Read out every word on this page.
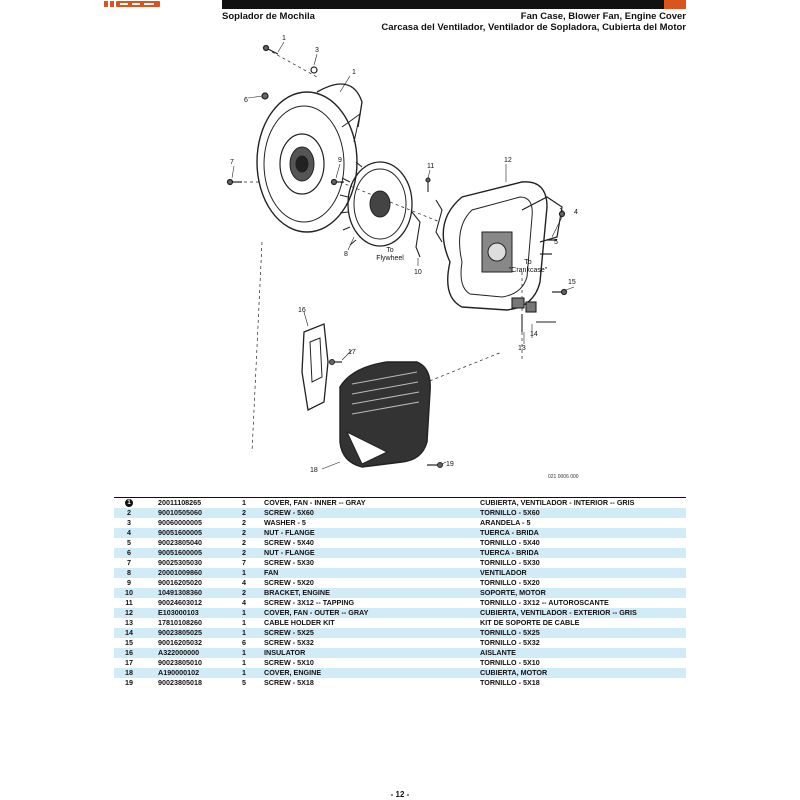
Soplador de Mochila	Fan Case, Blower Fan, Engine Cover
Carcasa del Ventilador, Ventilador de Sopladora, Cubierta del Motor
1
3
1
6
7	9
11
12
8
10
4
5
15
14
13
16
17
18
19
To
Flywheel
To
"Crankcase"
021 0006 000
1	20011108265	1	COVER, FAN - INNER -- GRAY	CUBIERTA, VENTILADOR - INTERIOR -- GRIS
2	90010505060	2	SCREW - 5X60	TORNILLO - 5X60
3	90060000005	2	WASHER - 5	ARANDELA - 5
4	90051600005	2	NUT - FLANGE	TUERCA - BRIDA
5	90023805040	2	SCREW - 5X40	TORNILLO - 5X40
6	90051600005	2	NUT - FLANGE	TUERCA - BRIDA
7	90025305030	7	SCREW - 5X30	TORNILLO - 5X30
8	20001009860	1	FAN	VENTILADOR
9	90016205020	4	SCREW - 5X20	TORNILLO - 5X20
10	10491308360	2	BRACKET, ENGINE	SOPORTE, MOTOR
11	90024603012	4	SCREW - 3X12 -- TAPPING	TORNILLO - 3X12 -- AUTOROSCANTE
12	E103000103	1	COVER, FAN - OUTER -- GRAY	CUBIERTA, VENTILADOR - EXTERIOR -- GRIS
13	17810108260	1	CABLE HOLDER KIT	KIT DE SOPORTE DE CABLE
14	90023805025	1	SCREW - 5X25	TORNILLO - 5X25
15	90016205032	6	SCREW - 5X32	TORNILLO - 5X32
16	A322000000	1	INSULATOR	AISLANTE
17	90023805010	1	SCREW - 5X10	TORNILLO - 5X10
18	A190000102	1	COVER, ENGINE	CUBIERTA, MOTOR
19	90023805018	5	SCREW - 5X18	TORNILLO - 5X18
- 12 -
